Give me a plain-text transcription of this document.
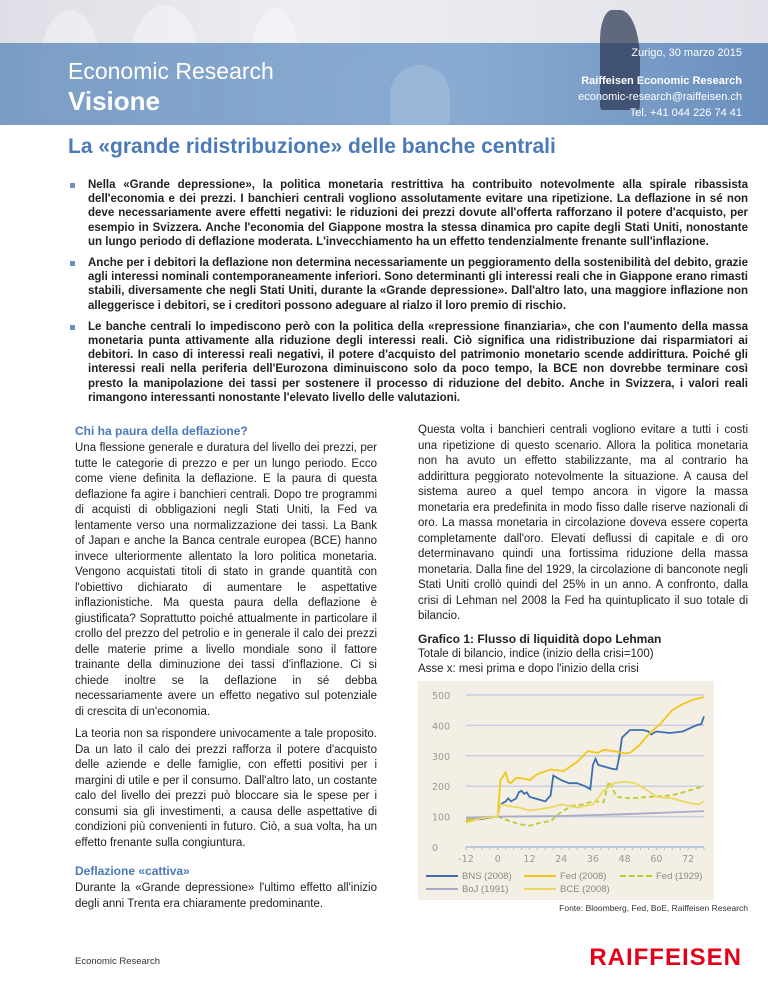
Economic Research
Visione
Zurigo, 30 marzo 2015
Raiffeisen Economic Research
economic-research@raiffeisen.ch
Tel. +41 044 226 74 41
La «grande ridistribuzione» delle banche centrali
Nella «Grande depressione», la politica monetaria restrittiva ha contribuito notevolmente alla spirale ribassista dell'economia e dei prezzi. I banchieri centrali vogliono assolutamente evitare una ripetizione. La deflazione in sé non deve necessariamente avere effetti negativi: le riduzioni dei prezzi dovute all'offerta rafforzano il potere d'acquisto, per esempio in Svizzera. Anche l'economia del Giappone mostra la stessa dinamica pro capite degli Stati Uniti, nonostante un lungo periodo di deflazione moderata. L'invecchiamento ha un effetto tendenzialmente frenante sull'inflazione.
Anche per i debitori la deflazione non determina necessariamente un peggioramento della sostenibilità del debito, grazie agli interessi nominali contemporaneamente inferiori. Sono determinanti gli interessi reali che in Giappone erano rimasti stabili, diversamente che negli Stati Uniti, durante la «Grande depressione». Dall'altro lato, una maggiore inflazione non alleggerisce i debitori, se i creditori possono adeguare al rialzo il loro premio di rischio.
Le banche centrali lo impediscono però con la politica della «repressione finanziaria», che con l'aumento della massa monetaria punta attivamente alla riduzione degli interessi reali. Ciò significa una ridistribuzione dai risparmiatori ai debitori. In caso di interessi reali negativi, il potere d'acquisto del patrimonio monetario scende addirittura. Poiché gli interessi reali nella periferia dell'Eurozona diminuiscono solo da poco tempo, la BCE non dovrebbe terminare così presto la manipolazione dei tassi per sostenere il processo di riduzione del debito. Anche in Svizzera, i valori reali rimangono interessanti nonostante l'elevato livello delle valutazioni.
Chi ha paura della deflazione?

Una flessione generale e duratura del livello dei prezzi, per tutte le categorie di prezzo e per un lungo periodo. Ecco come viene definita la deflazione. E la paura di questa deflazione fa agire i banchieri centrali. Dopo tre programmi di acquisti di obbligazioni negli Stati Uniti, la Fed va lentamente verso una normalizzazione dei tassi. La Bank of Japan e anche la Banca centrale europea (BCE) hanno invece ulteriormente allentato la loro politica monetaria. Vengono acquistati titoli di stato in grande quantità con l'obiettivo dichiarato di aumentare le aspettative inflazionistiche. Ma questa paura della deflazione è giustificata? Soprattutto poiché attualmente in particolare il crollo del prezzo del petrolio e in generale il calo dei prezzi delle materie prime a livello mondiale sono il fattore trainante della diminuzione dei tassi d'inflazione. Ci si chiede inoltre se la deflazione in sé debba necessariamente avere un effetto negativo sul potenziale di crescita di un'economia.

La teoria non sa rispondere univocamente a tale proposito. Da un lato il calo dei prezzi rafforza il potere d'acquisto delle aziende e delle famiglie, con effetti positivi per i margini di utile e per il consumo. Dall'altro lato, un costante calo del livello dei prezzi può bloccare sia le spese per i consumi sia gli investimenti, a causa delle aspettative di condizioni più convenienti in futuro. Ciò, a sua volta, ha un effetto frenante sulla congiuntura.

Deflazione «cattiva»

Durante la «Grande depressione» l'ultimo effetto all'inizio degli anni Trenta era chiaramente predominante.

Questa volta i banchieri centrali vogliono evitare a tutti i costi una ripetizione di questo scenario. Allora la politica monetaria non ha avuto un effetto stabilizzante, ma al contrario ha addirittura peggiorato notevolmente la situazione. A causa del sistema aureo a quel tempo ancora in vigore la massa monetaria era predefinita in modo fisso dalle riserve nazionali di oro. La massa monetaria in circolazione doveva essere coperta completamente dall'oro. Elevati deflussi di capitale e di oro determinavano quindi una fortissima riduzione della massa monetaria. Dalla fine del 1929, la circolazione di banconote negli Stati Uniti crollò quindi del 25% in un anno. A confronto, dalla crisi di Lehman nel 2008 la Fed ha quintuplicato il suo totale di bilancio.

Grafico 1: Flusso di liquidità dopo Lehman
Totale di bilancio, indice (inizio della crisi=100)
Asse x: mesi prima e dopo l'inizio della crisi
0
100
200
300
400
500
-12 0 12 24 36 48 60 72
BNS (2008)	Fed (2008)	Fed (1929)
BoJ (1991)	BCE (2008)
Fonte: Bloomberg, Fed, BoE, Raiffeisen Research
Economic Research	RAIFFEISEN
